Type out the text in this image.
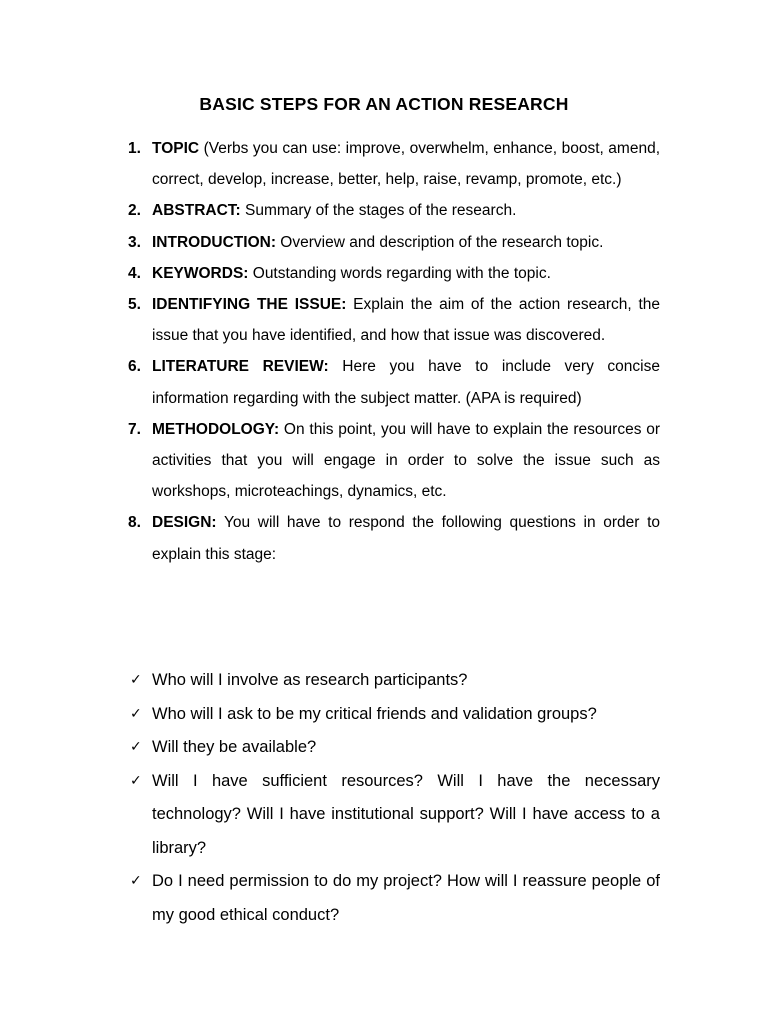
BASIC STEPS FOR AN ACTION RESEARCH
1. TOPIC (Verbs you can use: improve, overwhelm, enhance, boost, amend, correct, develop, increase, better, help, raise, revamp, promote, etc.)
2. ABSTRACT: Summary of the stages of the research.
3. INTRODUCTION: Overview and description of the research topic.
4. KEYWORDS: Outstanding words regarding with the topic.
5. IDENTIFYING THE ISSUE: Explain the aim of the action research, the issue that you have identified, and how that issue was discovered.
6. LITERATURE REVIEW: Here you have to include very concise information regarding with the subject matter. (APA is required)
7. METHODOLOGY: On this point, you will have to explain the resources or activities that you will engage in order to solve the issue such as workshops, microteachings, dynamics, etc.
8. DESIGN: You will have to respond the following questions in order to explain this stage:
✓ Who will I involve as research participants?
✓ Who will I ask to be my critical friends and validation groups?
✓ Will they be available?
✓ Will I have sufficient resources? Will I have the necessary technology? Will I have institutional support? Will I have access to a library?
✓ Do I need permission to do my project? How will I reassure people of my good ethical conduct?
